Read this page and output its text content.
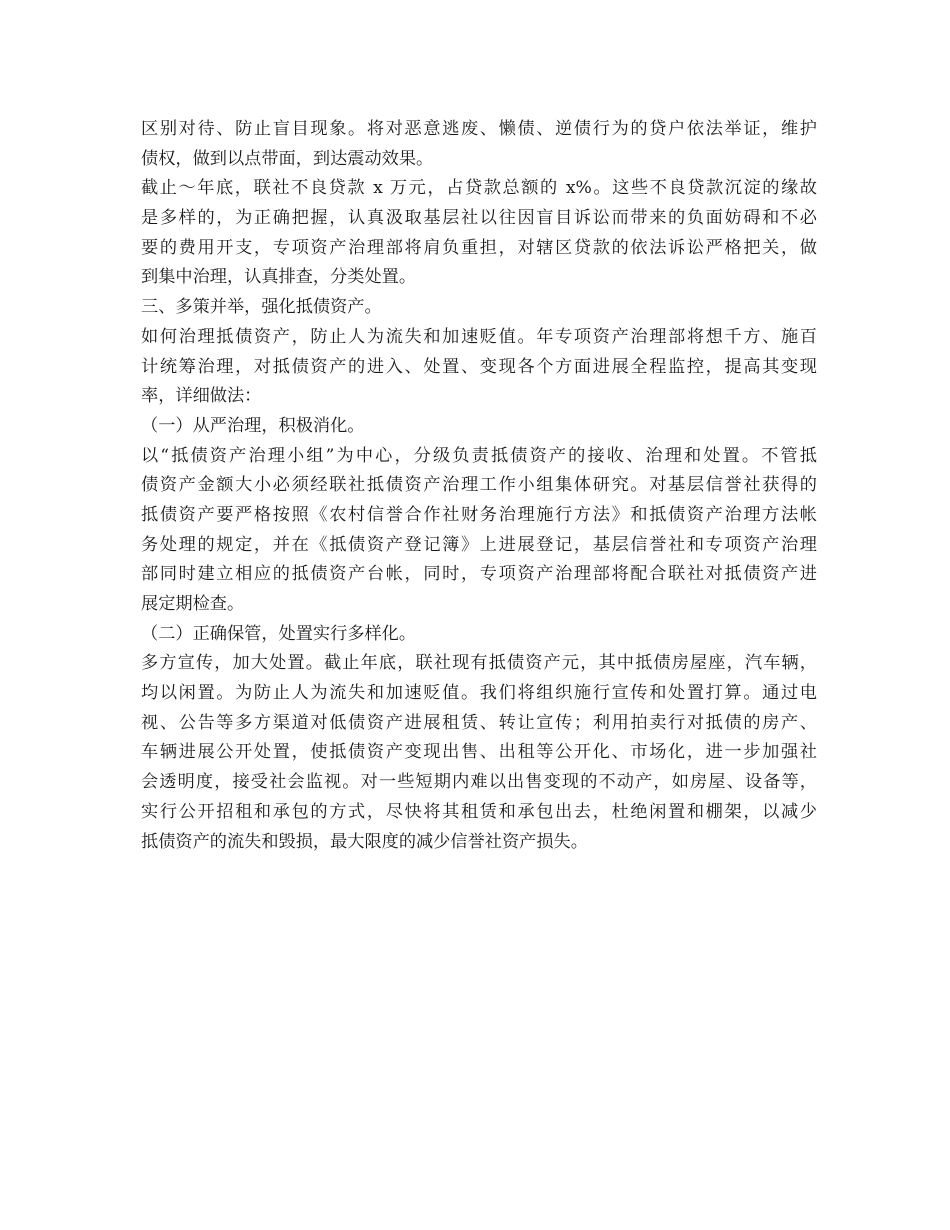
区别对待、防止盲目现象。将对恶意逃废、懒债、逆债行为的贷户依法举证，维护
债权，做到以点带面，到达震动效果。
截止～年底，联社不良贷款 x 万元，占贷款总额的 x%。这些不良贷款沉淀的缘故
是多样的，为正确把握，认真汲取基层社以往因盲目诉讼而带来的负面妨碍和不必
要的费用开支，专项资产治理部将肩负重担，对辖区贷款的依法诉讼严格把关，做
到集中治理，认真排查，分类处置。
三、多策并举，强化抵债资产。
如何治理抵债资产，防止人为流失和加速贬值。年专项资产治理部将想千方、施百
计统筹治理，对抵债资产的进入、处置、变现各个方面进展全程监控，提高其变现
率，详细做法：
（一）从严治理，积极消化。
以“抵债资产治理小组”为中心，分级负责抵债资产的接收、治理和处置。不管抵
债资产金额大小必须经联社抵债资产治理工作小组集体研究。对基层信誉社获得的
抵债资产要严格按照《农村信誉合作社财务治理施行方法》和抵债资产治理方法帐
务处理的规定，并在《抵债资产登记簿》上进展登记，基层信誉社和专项资产治理
部同时建立相应的抵债资产台帐，同时，专项资产治理部将配合联社对抵债资产进
展定期检查。
（二）正确保管，处置实行多样化。
多方宣传，加大处置。截止年底，联社现有抵债资产元，其中抵债房屋座，汽车辆，
均以闲置。为防止人为流失和加速贬值。我们将组织施行宣传和处置打算。通过电
视、公告等多方渠道对低债资产进展租赁、转让宣传；利用拍卖行对抵债的房产、
车辆进展公开处置，使抵债资产变现出售、出租等公开化、市场化，进一步加强社
会透明度，接受社会监视。对一些短期内难以出售变现的不动产，如房屋、设备等，
实行公开招租和承包的方式，尽快将其租赁和承包出去，杜绝闲置和棚架，以减少
抵债资产的流失和毁损，最大限度的减少信誉社资产损失。
